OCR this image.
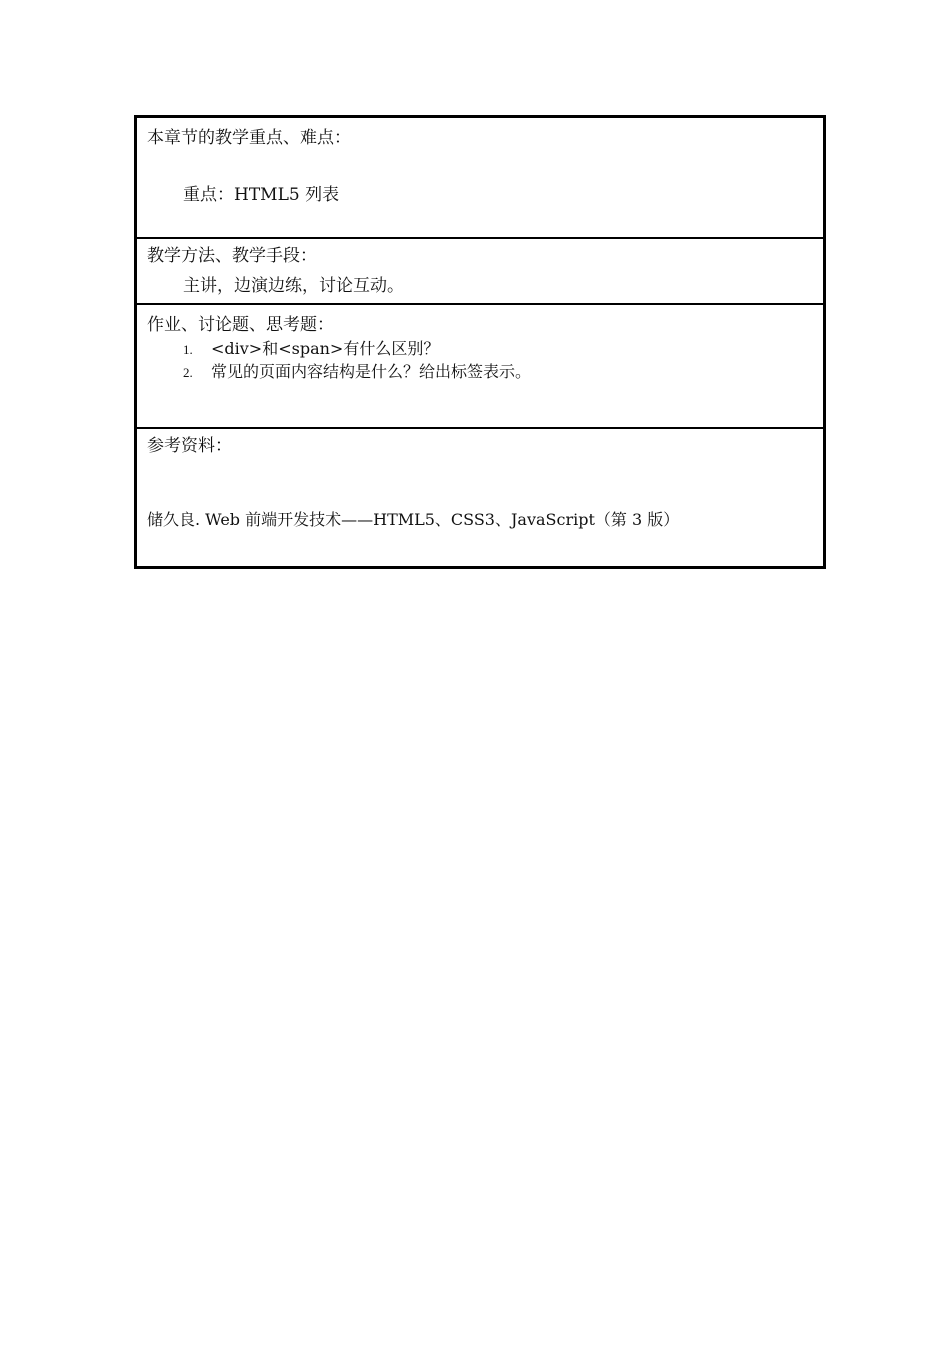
本章节的教学重点、难点：
重点：HTML5 列表
教学方法、教学手段：
主讲，边演边练，讨论互动。
作业、讨论题、思考题：
1.	<div>和<span>有什么区别？
2.	常见的页面内容结构是什么？给出标签表示。
参考资料：
储久良. Web 前端开发技术——HTML5、CSS3、JavaScript（第 3 版）
